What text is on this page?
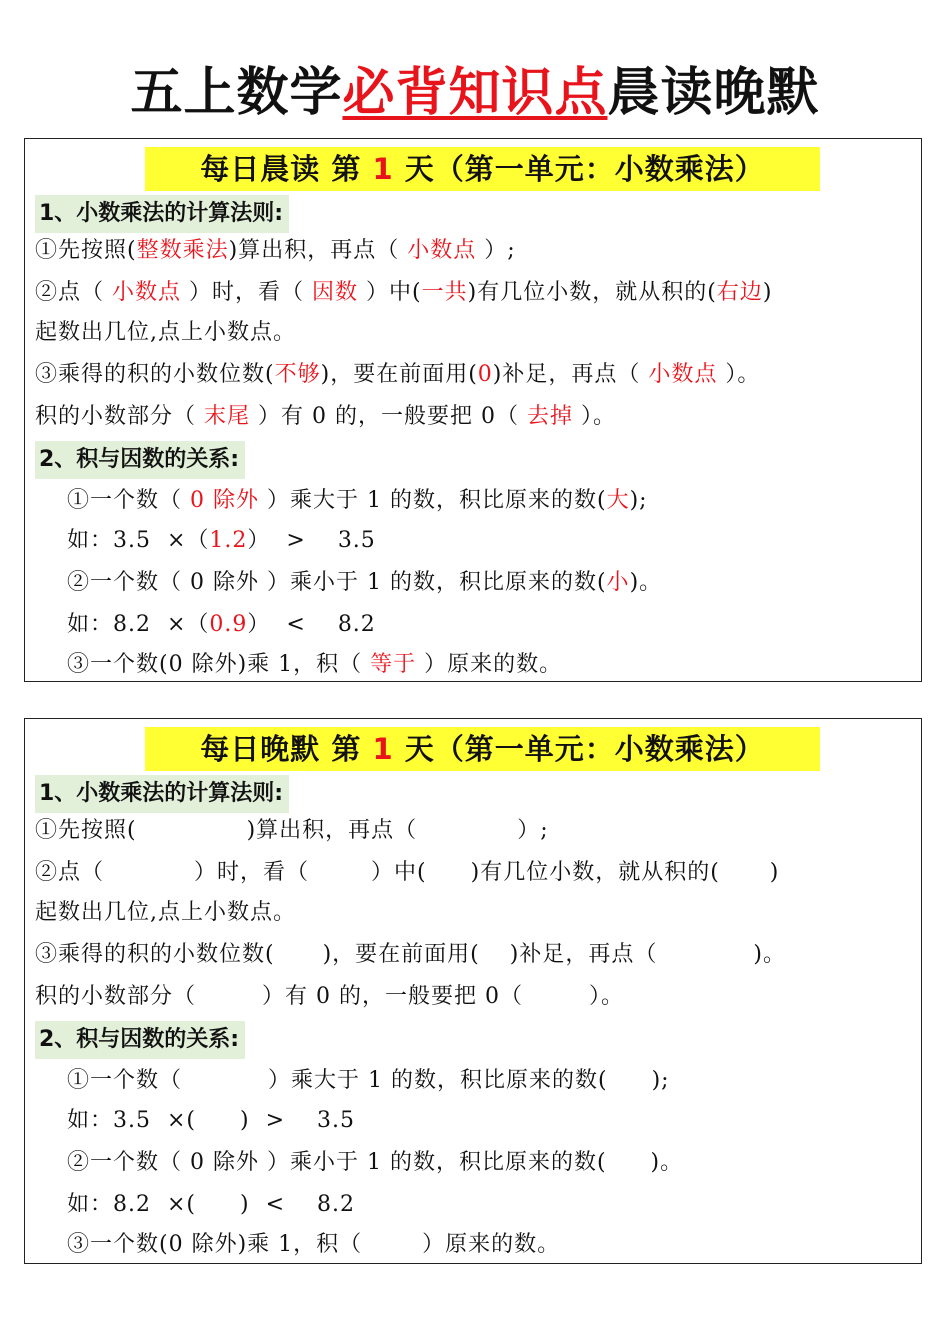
五上数学必背知识点晨读晚默
每日晨读 第 1 天（第一单元：小数乘法）
1、小数乘法的计算法则:
①先按照(整数乘法)算出积，再点（ 小数点 ）;
②点（ 小数点 ）时，看（ 因数 ）中(一共)有几位小数，就从积的(右边)
起数出几位,点上小数点。
③乘得的积的小数位数(不够)，要在前面用(0)补足，再点（ 小数点 ）。
积的小数部分（ 末尾 ）有 0 的，一般要把 0（ 去掉 ）。
2、积与因数的关系:
①一个数（ 0 除外 ）乘大于 1 的数，积比原来的数(大);
如：3.5  ×（1.2）  >    3.5
②一个数（ 0 除外 ）乘小于 1 的数，积比原来的数(小)。
如：8.2  ×（0.9）  <    8.2
③一个数(0 除外)乘 1，积（ 等于 ）原来的数。
每日晚默 第 1 天（第一单元：小数乘法）
1、小数乘法的计算法则:
①先按照(	)算出积，再点（	）;
②点（	）时，看（	）中( )有几位小数，就从积的( )
起数出几位,点上小数点。
③乘得的积的小数位数( )，要在前面用( )补足，再点（	)。
积的小数部分（	）有 0 的，一般要把 0（	）。
2、积与因数的关系:
①一个数（	）乘大于 1 的数，积比原来的数( );
如：3.5  ×( )  >    3.5
②一个数（ 0 除外 ）乘小于 1 的数，积比原来的数( )。
如：8.2  ×( )  <    8.2
③一个数(0 除外)乘 1，积（	）原来的数。
